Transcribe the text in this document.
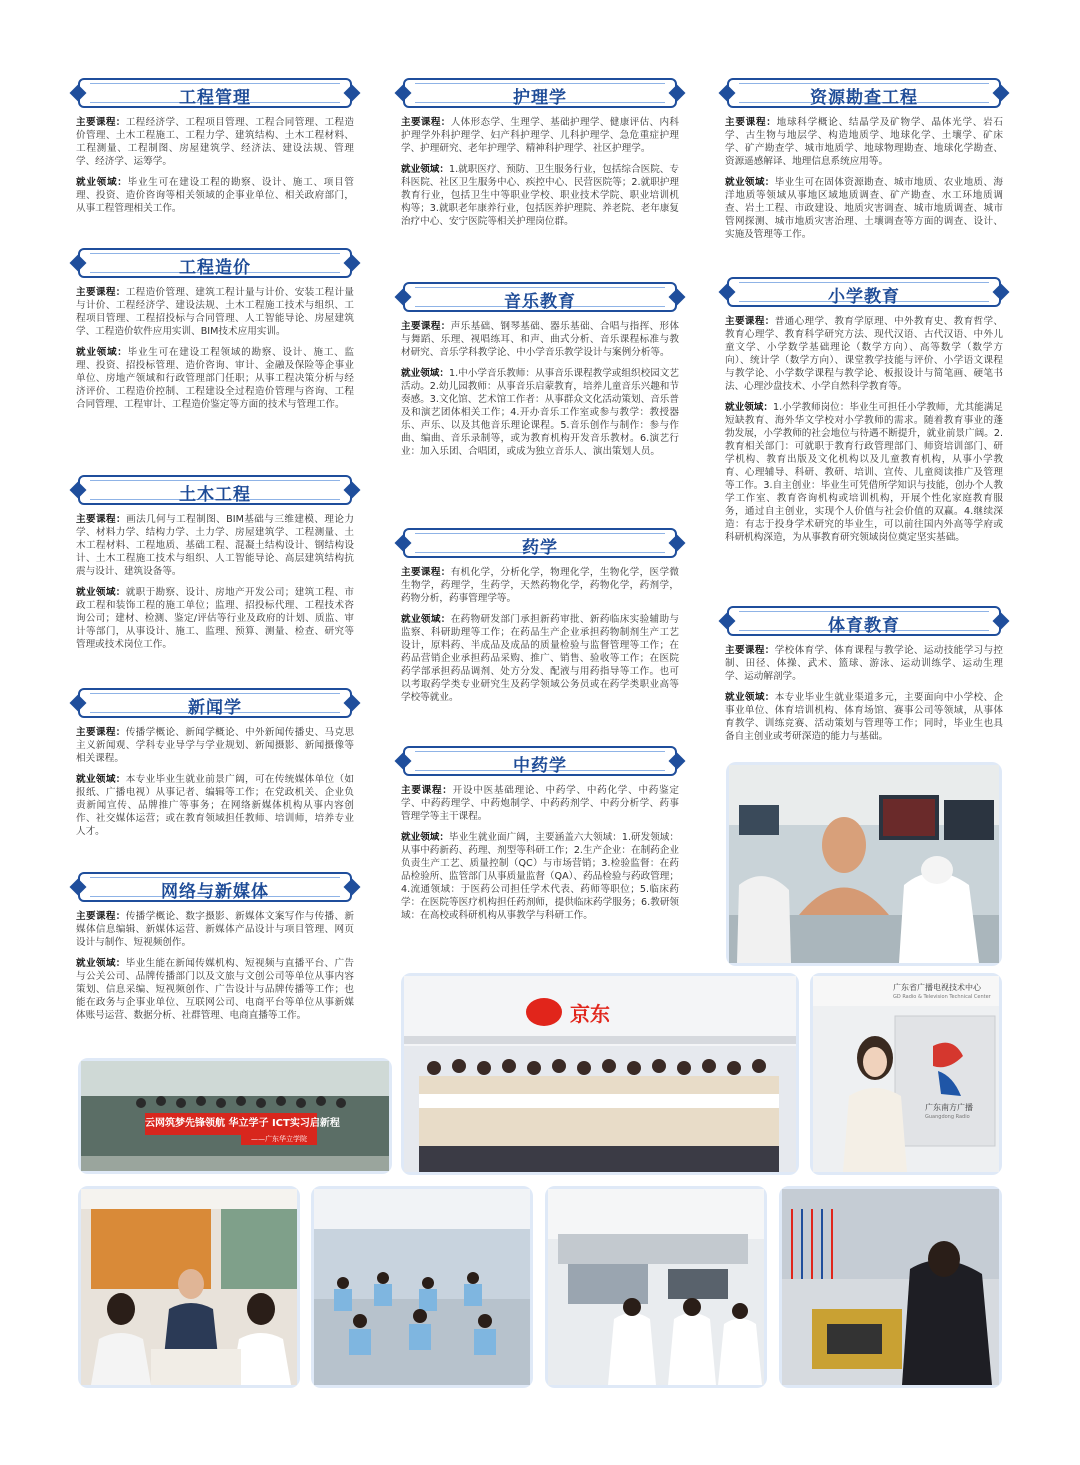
工程管理
主要课程：工程经济学、工程项目管理、工程合同管理、工程造价管理、土木工程施工、工程力学、建筑结构、土木工程材料、工程测量、工程制图、房屋建筑学、经济法、建设法规、管理学、经济学、运筹学。
就业领域：毕业生可在建设工程的勘察、设计、施工、项目管理、投资、造价咨询等相关领域的企事业单位、相关政府部门，从事工程管理相关工作。
工程造价
主要课程：工程造价管理、建筑工程计量与计价、安装工程计量与计价、工程经济学、建设法规、土木工程施工技术与组织、工程项目管理、工程招投标与合同管理、人工智能导论、房屋建筑学、工程造价软件应用实训、BIM技术应用实训。
就业领域：毕业生可在建设工程领域的勘察、设计、施工、监理、投资、招投标管理、造价咨询、审计、金融及保险等企事业单位、房地产领域和行政管理部门任职；从事工程决策分析与经济评价、工程造价控制、工程建设全过程造价管理与咨询、工程合同管理、工程审计、工程造价鉴定等方面的技术与管理工作。
土木工程
主要课程：画法几何与工程制图、BIM基础与三维建模、理论力学、材料力学、结构力学、土力学、房屋建筑学、工程测量、土木工程材料、工程地质、基础工程、混凝土结构设计、钢结构设计、土木工程施工技术与组织、人工智能导论、高层建筑结构抗震与设计、建筑设备等。
就业领域：就职于勘察、设计、房地产开发公司；建筑工程、市政工程和装饰工程的施工单位；监理、招投标代理、工程技术咨询公司；建材、检测、鉴定/评估等行业及政府的计划、质监、审计等部门，从事设计、施工、监理、预算、测量、检查、研究等管理或技术岗位工作。
新闻学
主要课程：传播学概论、新闻学概论、中外新闻传播史、马克思主义新闻观、学科专业导学与学业规划、新闻摄影、新闻摄像等相关课程。
就业领域：本专业毕业生就业前景广阔，可在传统媒体单位（如报纸、广播电视）从事记者、编辑等工作；在党政机关、企业负责新闻宣传、品牌推广等事务；在网络新媒体机构从事内容创作、社交媒体运营；或在教育领域担任教师、培训师，培养专业人才。
网络与新媒体
主要课程：传播学概论、数字摄影、新媒体文案写作与传播、新媒体信息编辑、新媒体运营、新媒体产品设计与项目管理、网页设计与制作、短视频创作。
就业领域：毕业生能在新闻传媒机构、短视频与直播平台、广告与公关公司、品牌传播部门以及文旅与文创公司等单位从事内容策划、信息采编、短视频创作、广告设计与品牌传播等工作；也能在政务与企事业单位、互联网公司、电商平台等单位从事新媒体账号运营、数据分析、社群管理、电商直播等工作。
护理学
主要课程：人体形态学、生理学、基础护理学、健康评估、内科护理学外科护理学、妇产科护理学、儿科护理学、急危重症护理学、护理研究、老年护理学、精神科护理学、社区护理学。
就业领域：1.就职医疗、预防、卫生服务行业，包括综合医院、专科医院、社区卫生服务中心、疾控中心、民营医院等；2.就职护理教育行业，包括卫生中等职业学校、职业技术学院、职业培训机构等；3.就职老年康养行业，包括医养护理院、养老院、老年康复治疗中心、安宁医院等相关护理岗位群。
音乐教育
主要课程：声乐基础、钢琴基础、器乐基础、合唱与指挥、形体与舞蹈、乐理、视唱练耳、和声、曲式分析、音乐课程标准与教材研究、音乐学科教学论、中小学音乐教学设计与案例分析等。
就业领域：1.中小学音乐教师：从事音乐课程教学或组织校园文艺活动。2.幼儿园教师：从事音乐启蒙教育，培养儿童音乐兴趣和节奏感。3.文化馆、艺术馆工作者：从事群众文化活动策划、音乐普及和演艺团体相关工作；4.开办音乐工作室或参与教学：教授器乐、声乐、以及其他音乐理论课程。5.音乐创作与制作：参与作曲、编曲、音乐录制等，或为教育机构开发音乐教材。6.演艺行业：加入乐团、合唱团，或成为独立音乐人、演出策划人员。
药学
主要课程：有机化学，分析化学，物理化学，生物化学，医学微生物学，药理学，生药学，天然药物化学，药物化学，药剂学，药物分析，药事管理学等。
就业领域：在药物研发部门承担新药审批、新药临床实验辅助与监察、科研助理等工作；在药品生产企业承担药物制剂生产工艺设计，原料药、半成品及成品的质量检验与监督管理等工作；在药品营销企业承担药品采购、推广、销售、验收等工作；在医院药学部承担药品调剂、处方分发、配液与用药指导等工作。也可以考取药学类专业研究生及药学领域公务员或在药学类职业高等学校等就业。
中药学
主要课程：开设中医基础理论、中药学、中药化学、中药鉴定学、中药药理学、中药炮制学、中药药剂学、中药分析学、药事管理学等主干课程。
就业领域：毕业生就业面广阔，主要涵盖六大领域：1.研发领域：从事中药新药、药理、剂型等科研工作；2.生产企业：在制药企业负责生产工艺、质量控制（QC）与市场营销；3.检验监督：在药品检验所、监管部门从事质量监督（QA）、药品检验与药政管理；4.流通领域：于医药公司担任学术代表、药师等职位；5.临床药学：在医院等医疗机构担任药剂师，提供临床药学服务；6.教研领域：在高校或科研机构从事教学与科研工作。
资源勘查工程
主要课程：地球科学概论、结晶学及矿物学、晶体光学、岩石学、古生物与地层学、构造地质学、地球化学、土壤学、矿床学、矿产勘查学、城市地质学、地球物理勘查、地球化学勘查、资源遥感解译、地理信息系统应用等。
就业领域：毕业生可在固体资源勘查、城市地质、农业地质、海洋地质等领域从事地区域地质调查、矿产勘查、水工环地质调查、岩土工程、市政建设、地质灾害调查、城市地质调查、城市管网探测、城市地质灾害治理、土壤调查等方面的调查、设计、实施及管理等工作。
小学教育
主要课程：普通心理学、教育学原理、中外教育史、教育哲学、教育心理学、教育科学研究方法、现代汉语、古代汉语、中外儿童文学、小学数学基础理论（数学方向）、高等数学（数学方向）、统计学（数学方向）、课堂教学技能与评价、小学语文课程与教学论、小学数学课程与教学论、板报设计与简笔画、硬笔书法、心理沙盘技术、小学自然科学教育等。
就业领域：1.小学教师岗位：毕业生可担任小学教师，尤其能满足短缺教育、海外华文学校对小学教师的需求。随着教育事业的蓬勃发展，小学教师的社会地位与待遇不断提升，就业前景广阔。2.教育相关部门：可就职于教育行政管理部门、师资培训部门、研学机构、教育出版及文化机构以及儿童教育机构，从事小学教育、心理辅导、科研、教研、培训、宣传、儿童阅读推广及管理等工作。3.自主创业：毕业生可凭借所学知识与技能，创办个人教学工作室、教育咨询机构或培训机构，开展个性化家庭教育服务，通过自主创业，实现个人价值与社会价值的双赢。4.继续深造：有志于投身学术研究的毕业生，可以前往国内外高等学府或科研机构深造，为从事教育研究领域岗位奠定坚实基础。
体育教育
主要课程：学校体育学、体育课程与教学论、运动技能学习与控制、田径、体操、武术、篮球、游泳、运动训练学、运动生理学、运动解剖学。
就业领域：本专业毕业生就业渠道多元，主要面向中小学校、企事业单位、体育培训机构、体育场馆、赛事公司等领域，从事体育教学、训练竞赛、活动策划与管理等工作；同时，毕业生也具备自主创业或考研深造的能力与基础。
云网筑梦先锋领航 华立学子 ICT实习启新程
——广东华立学院
京东
广东省广播电视技术中心
GD Radio & Television Technical Center
广东南方广播
Guangdong Radio
